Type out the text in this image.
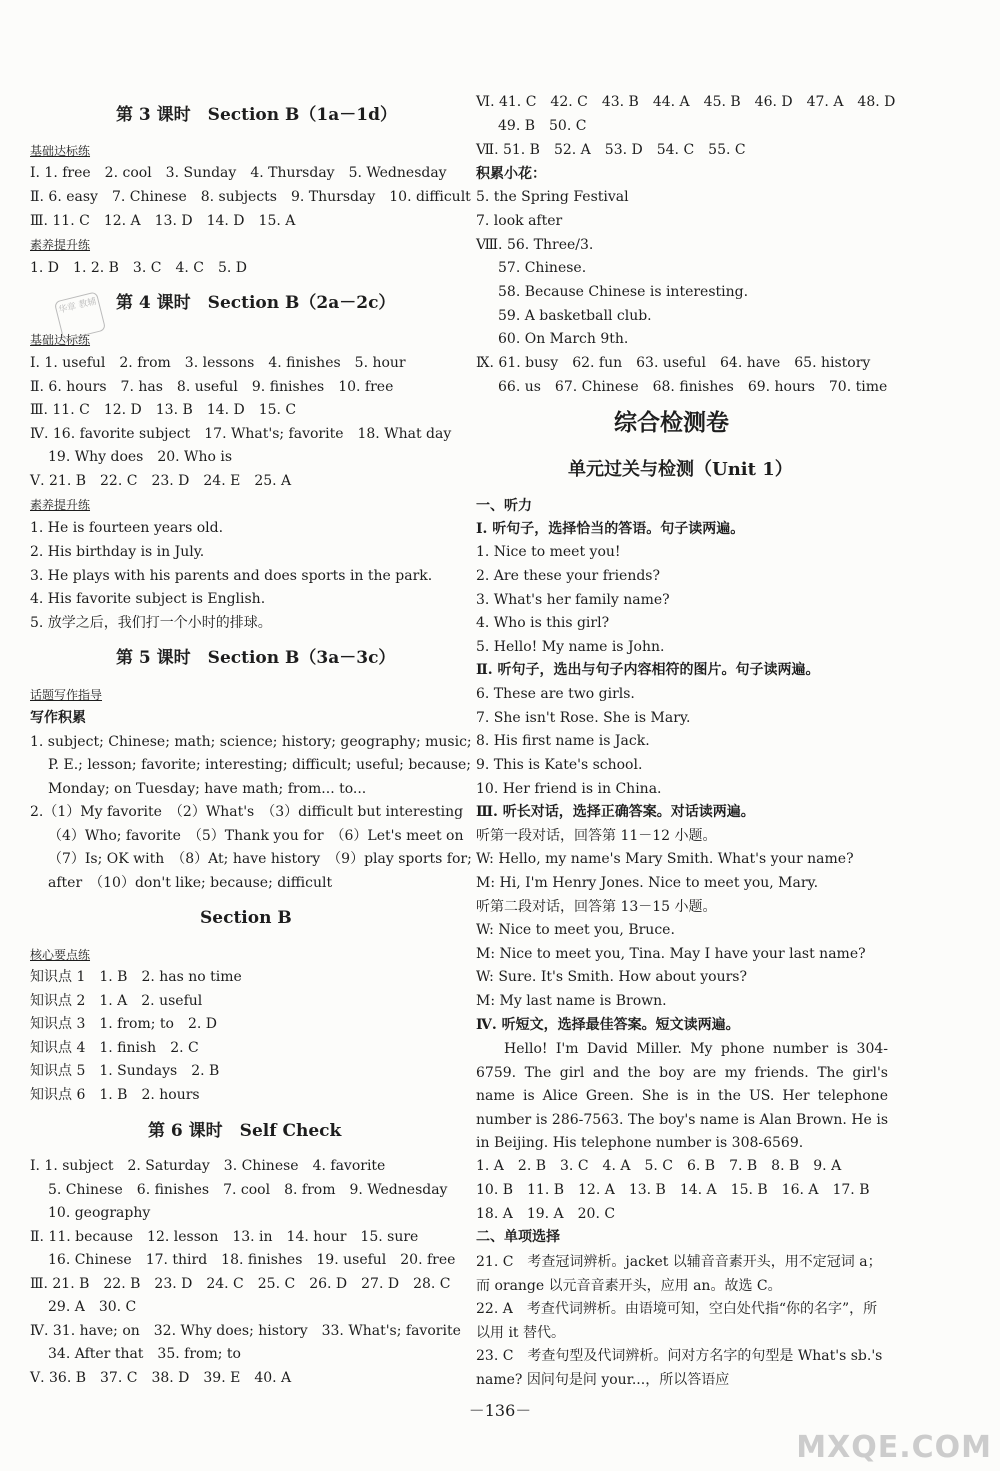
第 3 课时　Section B（1a－1d）
基础达标练
Ⅰ. 1. free　2. cool　3. Sunday　4. Thursday　5. Wednesday
Ⅱ. 6. easy　7. Chinese　8. subjects　9. Thursday　10. difficult
Ⅲ. 11. C　12. A　13. D　14. D　15. A
素养提升练
1. D　1. 2. B　3. C　4. C　5. D
第 4 课时　Section B（2a－2c）
基础达标练
Ⅰ. 1. useful　2. from　3. lessons　4. finishes　5. hour
Ⅱ. 6. hours　7. has　8. useful　9. finishes　10. free
Ⅲ. 11. C　12. D　13. B　14. D　15. C
Ⅳ. 16. favorite subject　17. What's; favorite　18. What day
19. Why does　20. Who is
Ⅴ. 21. B　22. C　23. D　24. E　25. A
素养提升练
1. He is fourteen years old.
2. His birthday is in July.
3. He plays with his parents and does sports in the park.
4. His favorite subject is English.
5. 放学之后，我们打一个小时的排球。
第 5 课时　Section B（3a－3c）
话题写作指导
写作积累
1. subject; Chinese; math; science; history; geography; music;
P. E.; lesson; favorite; interesting; difficult; useful; because;
Monday; on Tuesday; have math; from... to...
2.（1）My favorite　（2）What's　（3）difficult but interesting
（4）Who; favorite　（5）Thank you for　（6）Let's meet on
（7）Is; OK with　（8）At; have history　（9）play sports for;
after　（10）don't like; because; difficult
Section B
核心要点练
知识点 1　1. B　2. has no time
知识点 2　1. A　2. useful
知识点 3　1. from; to　2. D
知识点 4　1. finish　2. C
知识点 5　1. Sundays　2. B
知识点 6　1. B　2. hours
第 6 课时　Self Check
Ⅰ. 1. subject　2. Saturday　3. Chinese　4. favorite
5. Chinese　6. finishes　7. cool　8. from　9. Wednesday
10. geography
Ⅱ. 11. because　12. lesson　13. in　14. hour　15. sure
16. Chinese　17. third　18. finishes　19. useful　20. free
Ⅲ. 21. B　22. B　23. D　24. C　25. C　26. D　27. D　28. C
29. A　30. C
Ⅳ. 31. have; on　32. Why does; history　33. What's; favorite
34. After that　35. from; to
Ⅴ. 36. B　37. C　38. D　39. E　40. A
Ⅵ. 41. C　42. C　43. B　44. A　45. B　46. D　47. A　48. D
49. B　50. C
Ⅶ. 51. B　52. A　53. D　54. C　55. C
积累小花：
5. the Spring Festival
7. look after
Ⅷ. 56. Three/3.
57. Chinese.
58. Because Chinese is interesting.
59. A basketball club.
60. On March 9th.
Ⅸ. 61. busy　62. fun　63. useful　64. have　65. history
66. us　67. Chinese　68. finishes　69. hours　70. time
综合检测卷
单元过关与检测（Unit 1）
一、听力
Ⅰ. 听句子，选择恰当的答语。句子读两遍。
1. Nice to meet you!
2. Are these your friends?
3. What's her family name?
4. Who is this girl?
5. Hello! My name is John.
Ⅱ. 听句子，选出与句子内容相符的图片。句子读两遍。
6. These are two girls.
7. She isn't Rose. She is Mary.
8. His first name is Jack.
9. This is Kate's school.
10. Her friend is in China.
Ⅲ. 听长对话，选择正确答案。对话读两遍。
听第一段对话，回答第 11－12 小题。
W: Hello, my name's Mary Smith. What's your name?
M: Hi, I'm Henry Jones. Nice to meet you, Mary.
听第二段对话，回答第 13－15 小题。
W: Nice to meet you, Bruce.
M: Nice to meet you, Tina. May I have your last name?
W: Sure. It's Smith. How about yours?
M: My last name is Brown.
Ⅳ. 听短文，选择最佳答案。短文读两遍。
Hello! I'm David Miller. My phone number is 304-6759. The girl and the boy are my friends. The girl's name is Alice Green. She is in the US. Her telephone number is 286-7563. The boy's name is Alan Brown. He is in Beijing. His telephone number is 308-6569.
1. A　2. B　3. C　4. A　5. C　6. B　7. B　8. B　9. A
10. B　11. B　12. A　13. B　14. A　15. B　16. A　17. B
18. A　19. A　20. C
二、单项选择
21. C　考查冠词辨析。jacket 以辅音音素开头，用不定冠词 a；而 orange 以元音音素开头，应用 an。故选 C。
22. A　考查代词辨析。由语境可知，空白处代指“你的名字”，所以用 it 替代。
23. C　考查句型及代词辨析。问对方名字的句型是 What's sb.'s name? 因问句是问 your...，所以答语应
华章 教辅
－136－
MXQE.COM
